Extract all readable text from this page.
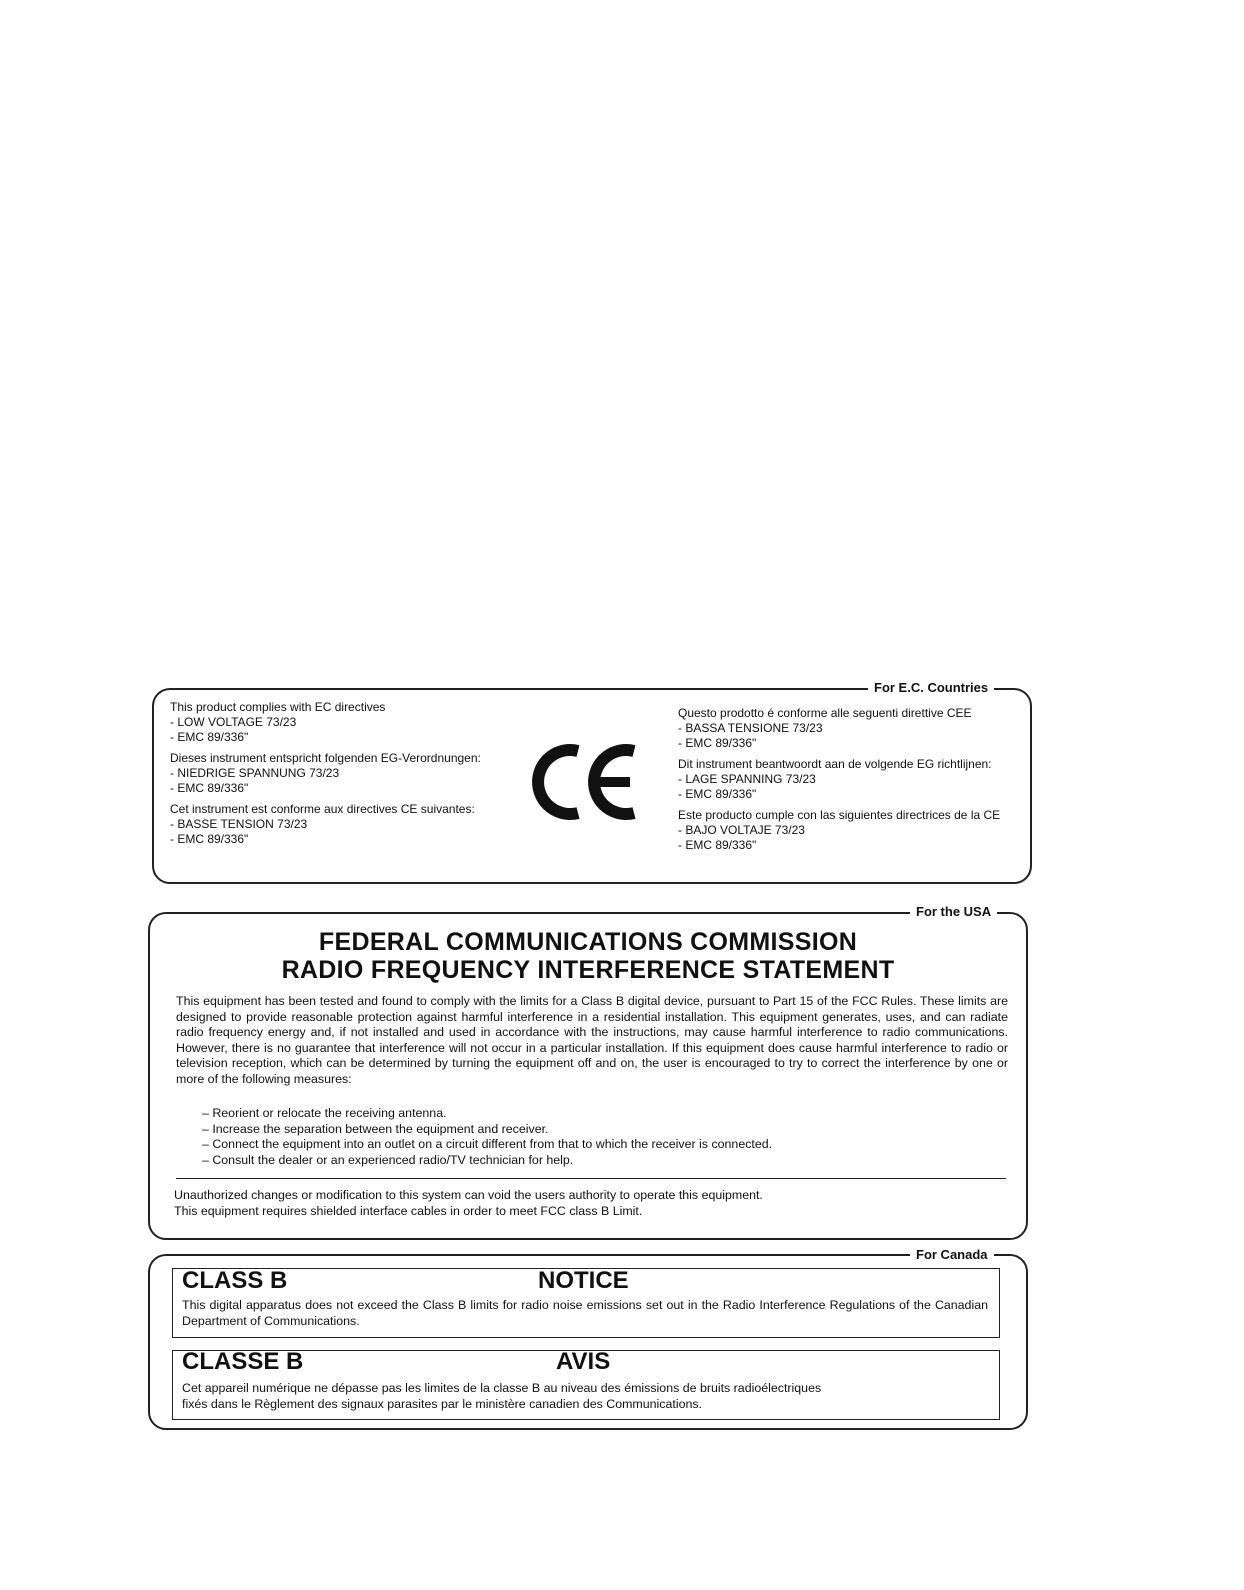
For E.C. Countries
This product complies with EC directives
- LOW VOLTAGE 73/23
- EMC 89/336"
Dieses instrument entspricht folgenden EG-Verordnungen:
- NIEDRIGE SPANNUNG 73/23
- EMC 89/336"
Cet instrument est conforme aux directives CE suivantes:
- BASSE TENSION 73/23
- EMC 89/336"
Questo prodotto é conforme alle seguenti direttive CEE
- BASSA TENSIONE 73/23
- EMC 89/336"
Dit instrument beantwoordt aan de volgende EG richtlijnen:
- LAGE SPANNING 73/23
- EMC 89/336"
Este producto cumple con las siguientes directrices de la CE
- BAJO VOLTAJE 73/23
- EMC 89/336"
For the USA
FEDERAL COMMUNICATIONS COMMISSION
RADIO FREQUENCY INTERFERENCE STATEMENT
This equipment has been tested and found to comply with the limits for a Class B digital device, pursuant to Part 15 of the FCC Rules. These limits are designed to provide reasonable protection against harmful interference in a residential installation. This equipment generates, uses, and can radiate radio frequency energy and, if not installed and used in accordance with the instructions, may cause harmful interference to radio communications. However, there is no guarantee that interference will not occur in a particular installation. If this equipment does cause harmful interference to radio or television reception, which can be determined by turning the equipment off and on, the user is encouraged to try to correct the interference by one or more of the following measures:
– Reorient or relocate the receiving antenna.
– Increase the separation between the equipment and receiver.
– Connect the equipment into an outlet on a circuit different from that to which the receiver is connected.
– Consult the dealer or an experienced radio/TV technician for help.
Unauthorized changes or modification to this system can void the users authority to operate this equipment.
This equipment requires shielded interface cables in order to meet FCC class B Limit.
For Canada
CLASS B	NOTICE
This digital apparatus does not exceed the Class B limits for radio noise emissions set out in the Radio Interference Regulations of the Canadian Department of Communications.
CLASSE B	AVIS
Cet appareil numérique ne dépasse pas les limites de la classe B au niveau des émissions de bruits radioélectriques
fixés dans le Règlement des signaux parasites par le ministère canadien des Communications.
